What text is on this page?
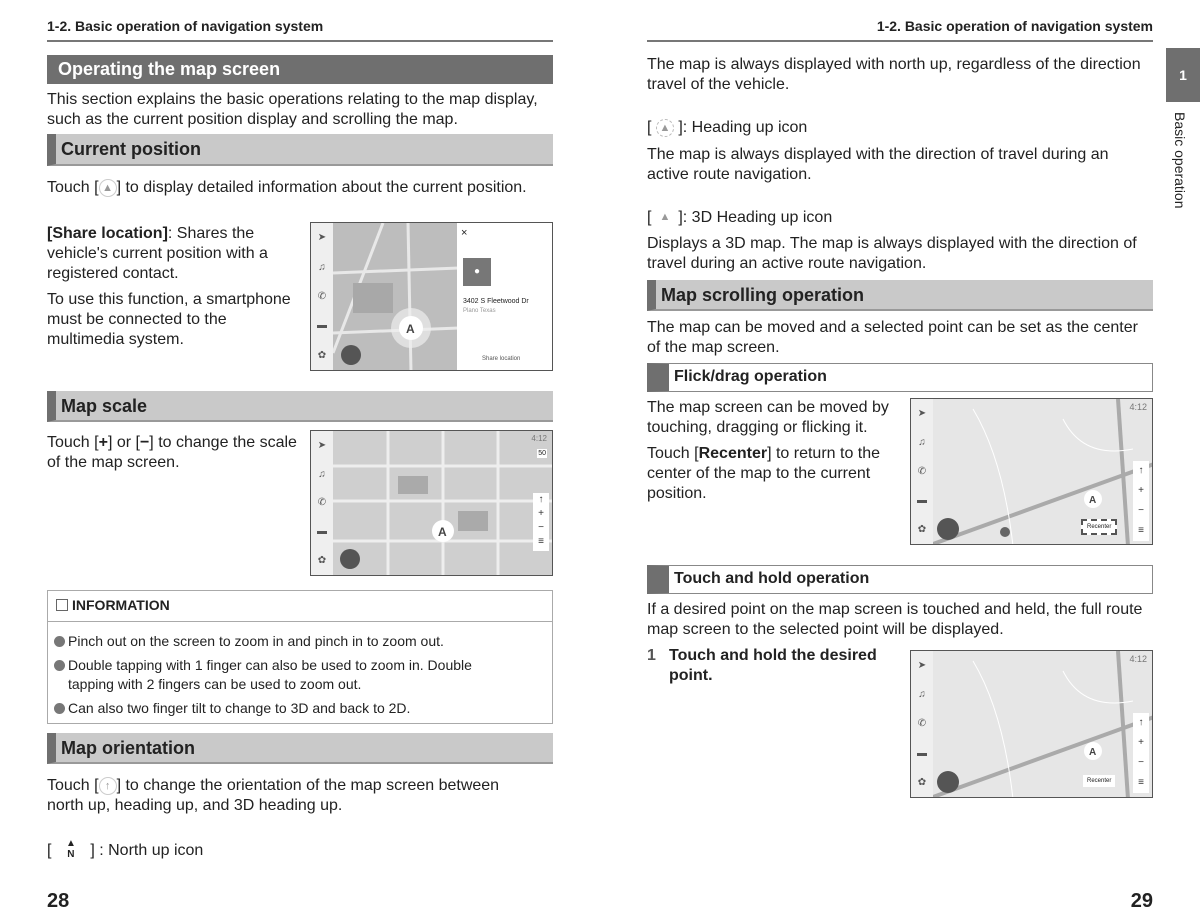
1-2. Basic operation of navigation system
Operating the map screen
This section explains the basic operations relating to the map display, such as the current position display and scrolling the map.
Current position
Touch [ ▲ ] to display detailed information about the current position.
[Share location]: Shares the vehicle's current position with a registered contact.
To use this function, a smartphone must be connected to the multimedia system.
➤
♫
✆
▬
✿
A
×
●
3402 S Fleetwood Dr
Plano Texas
Share location
Map scale
Touch [+] or [−] to change the scale of the map screen.
➤
♫
✆
▬
✿
A
4:12
50
↑
+
−
≡
INFORMATION
Pinch out on the screen to zoom in and pinch in to zoom out.
Double tapping with 1 finger can also be used to zoom in. Double tapping with 2 fingers can be used to zoom out.
Can also two finger tilt to change to 3D and back to 2D.
Map orientation
Touch [ ↑ ] to change the orientation of the map screen between north up, heading up, and 3D heading up.
[	▲
N ] : North up icon
28
1-2. Basic operation of navigation system
1
Basic operation
The map is always displayed with north up, regardless of the direction travel of the vehicle.
[ ▲ ]: Heading up icon
The map is always displayed with the direction of travel during an active route navigation.
[ ▲ ]: 3D Heading up icon
Displays a 3D map. The map is always displayed with the direction of travel during an active route navigation.
Map scrolling operation
The map can be moved and a selected point can be set as the center of the map screen.
Flick/drag operation
The map screen can be moved by touching, dragging or flicking it.
Touch [Recenter] to return to the center of the map to the current position.
➤
♫
✆
▬
✿
A
4:12
↑
+
−
≡
Recenter
Touch and hold operation
If a desired point on the map screen is touched and held, the full route map screen to the selected point will be displayed.
1 Touch and hold the desired point.
➤
♫
✆
▬
✿
A
4:12
↑
+
−
≡
Recenter
29
